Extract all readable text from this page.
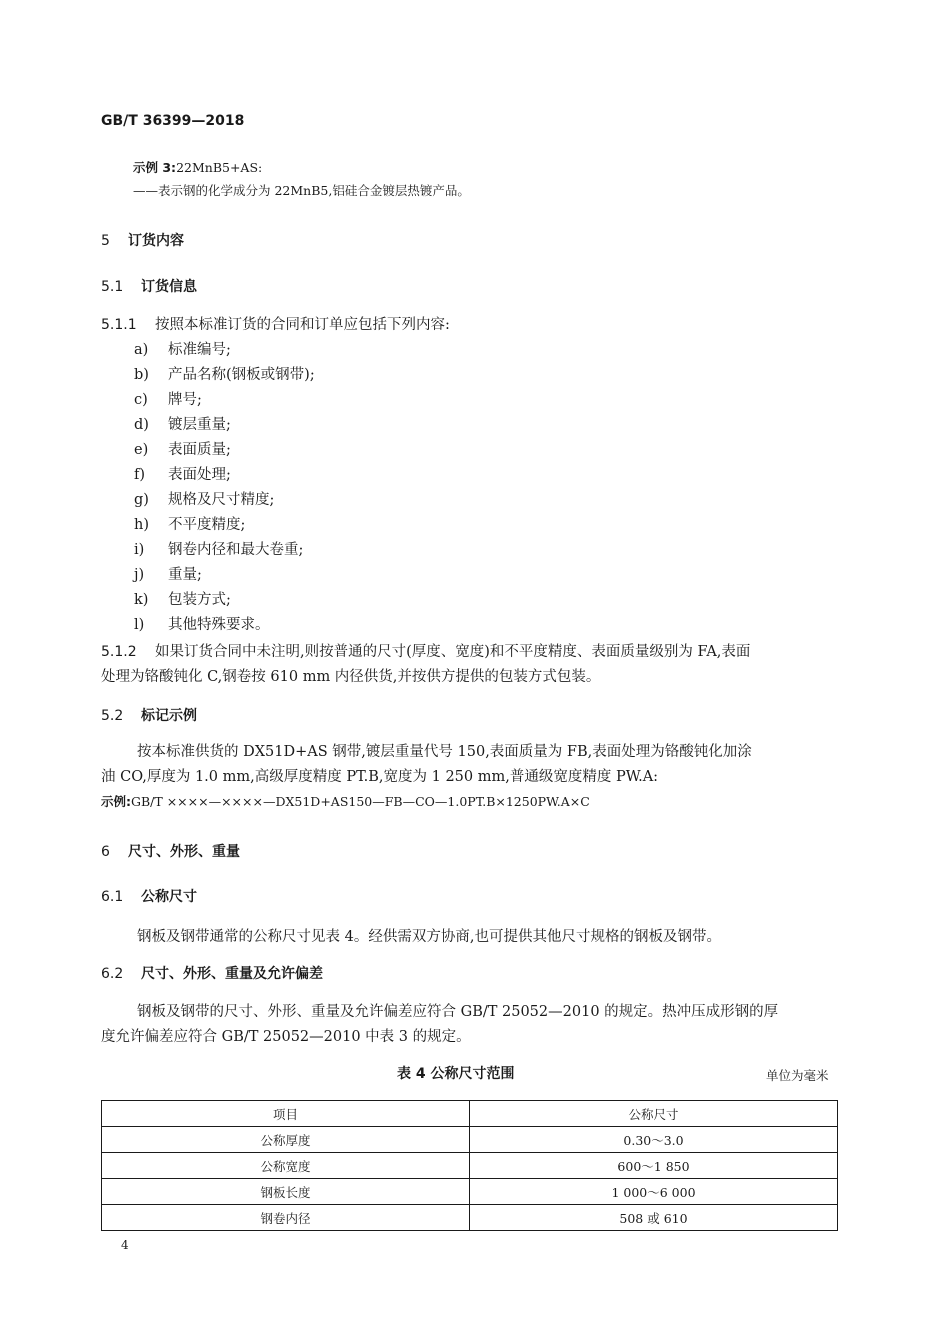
GB/T 36399—2018
示例 3:22MnB5+AS:
——表示钢的化学成分为 22MnB5,铝硅合金镀层热镀产品。
5 订货内容
5.1 订货信息
5.1.1 按照本标准订货的合同和订单应包括下列内容:
a) 标准编号;
b) 产品名称(钢板或钢带);
c) 牌号;
d) 镀层重量;
e) 表面质量;
f) 表面处理;
g) 规格及尺寸精度;
h) 不平度精度;
i) 钢卷内径和最大卷重;
j) 重量;
k) 包装方式;
l) 其他特殊要求。
5.1.2 如果订货合同中未注明,则按普通的尺寸(厚度、宽度)和不平度精度、表面质量级别为 FA,表面
处理为铬酸钝化 C,钢卷按 610 mm 内径供货,并按供方提供的包装方式包装。
5.2 标记示例
按本标准供货的 DX51D+AS 钢带,镀层重量代号 150,表面质量为 FB,表面处理为铬酸钝化加涂
油 CO,厚度为 1.0 mm,高级厚度精度 PT.B,宽度为 1 250 mm,普通级宽度精度 PW.A:
示例:GB/T ××××—××××—DX51D+AS150—FB—CO—1.0PT.B×1250PW.A×C
6 尺寸、外形、重量
6.1 公称尺寸
钢板及钢带通常的公称尺寸见表 4。经供需双方协商,也可提供其他尺寸规格的钢板及钢带。
6.2 尺寸、外形、重量及允许偏差
钢板及钢带的尺寸、外形、重量及允许偏差应符合 GB/T 25052—2010 的规定。热冲压成形钢的厚
度允许偏差应符合 GB/T 25052—2010 中表 3 的规定。
表 4 公称尺寸范围	单位为毫米
项目	公称尺寸
公称厚度	0.30～3.0
公称宽度	600～1 850
钢板长度	1 000～6 000
钢卷内径	508 或 610
4
